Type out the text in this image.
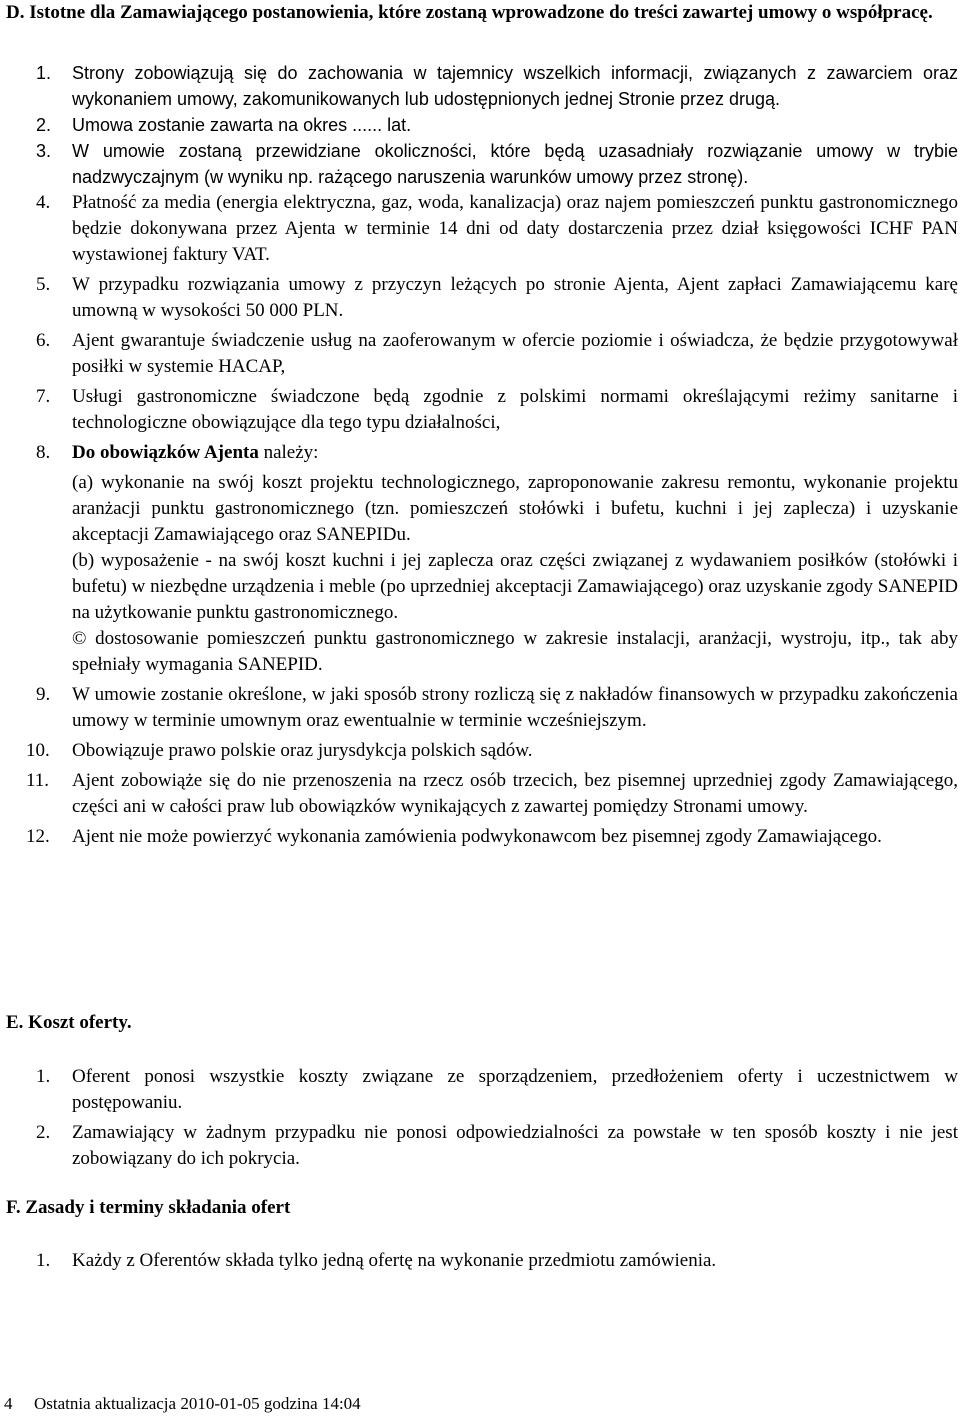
D. Istotne dla Zamawiającego postanowienia, które zostaną wprowadzone do treści zawartej umowy o współpracę.
1.	Strony zobowiązują się do zachowania w tajemnicy wszelkich informacji, związanych z zawarciem oraz wykonaniem umowy, zakomunikowanych lub udostępnionych jednej Stronie przez drugą.
2.	Umowa zostanie zawarta na okres ...... lat.
3.	W umowie zostaną przewidziane okoliczności, które będą uzasadniały rozwiązanie umowy w trybie nadzwyczajnym (w wyniku np. rażącego naruszenia warunków umowy przez stronę).
4.	Płatność za media (energia elektryczna, gaz, woda, kanalizacja) oraz najem pomieszczeń punktu gastronomicznego będzie dokonywana przez Ajenta w terminie 14 dni od daty dostarczenia przez dział księgowości ICHF PAN wystawionej faktury VAT.
5.	W przypadku rozwiązania umowy z przyczyn leżących po stronie Ajenta, Ajent zapłaci Zamawiającemu karę umowną w wysokości 50 000 PLN.
6.	Ajent gwarantuje świadczenie usług na zaoferowanym w ofercie poziomie i oświadcza, że będzie przygotowywał posiłki w systemie HACAP,
7.	Usługi gastronomiczne świadczone będą zgodnie z polskimi normami określającymi reżimy sanitarne i technologiczne obowiązujące dla tego typu działalności,
8.	Do obowiązków Ajenta należy:
(a) wykonanie na swój koszt projektu technologicznego, zaproponowanie zakresu remontu, wykonanie projektu aranżacji punktu gastronomicznego (tzn. pomieszczeń stołówki i bufetu, kuchni i jej zaplecza) i uzyskanie akceptacji Zamawiającego oraz SANEPIDu.
(b) wyposażenie - na swój koszt kuchni i jej zaplecza oraz części związanej z wydawaniem posiłków (stołówki i bufetu) w niezbędne urządzenia i meble (po uprzedniej akceptacji Zamawiającego) oraz uzyskanie zgody SANEPID na użytkowanie punktu gastronomicznego.
© dostosowanie pomieszczeń punktu gastronomicznego w zakresie instalacji, aranżacji, wystroju, itp., tak aby spełniały wymagania SANEPID.
9.	W umowie zostanie określone, w jaki sposób strony rozliczą się z nakładów finansowych w przypadku zakończenia umowy w terminie umownym oraz ewentualnie w terminie wcześniejszym.
10.	Obowiązuje prawo polskie oraz jurysdykcja polskich sądów.
11.	Ajent zobowiąże się do nie przenoszenia na rzecz osób trzecich, bez pisemnej uprzedniej zgody Zamawiającego, części ani w całości praw lub obowiązków wynikających z zawartej pomiędzy Stronami umowy.
12.	Ajent nie może powierzyć wykonania zamówienia podwykonawcom bez pisemnej zgody Zamawiającego.
E. Koszt oferty.
1.	Oferent ponosi wszystkie koszty związane ze sporządzeniem, przedłożeniem oferty i uczestnictwem w postępowaniu.
2.	Zamawiający w żadnym przypadku nie ponosi odpowiedzialności za powstałe w ten sposób koszty i nie jest zobowiązany do ich pokrycia.
F. Zasady i terminy składania ofert
1.	Każdy z Oferentów składa tylko jedną ofertę na wykonanie przedmiotu zamówienia.
4 Ostatnia aktualizacja 2010-01-05 godzina 14:04
